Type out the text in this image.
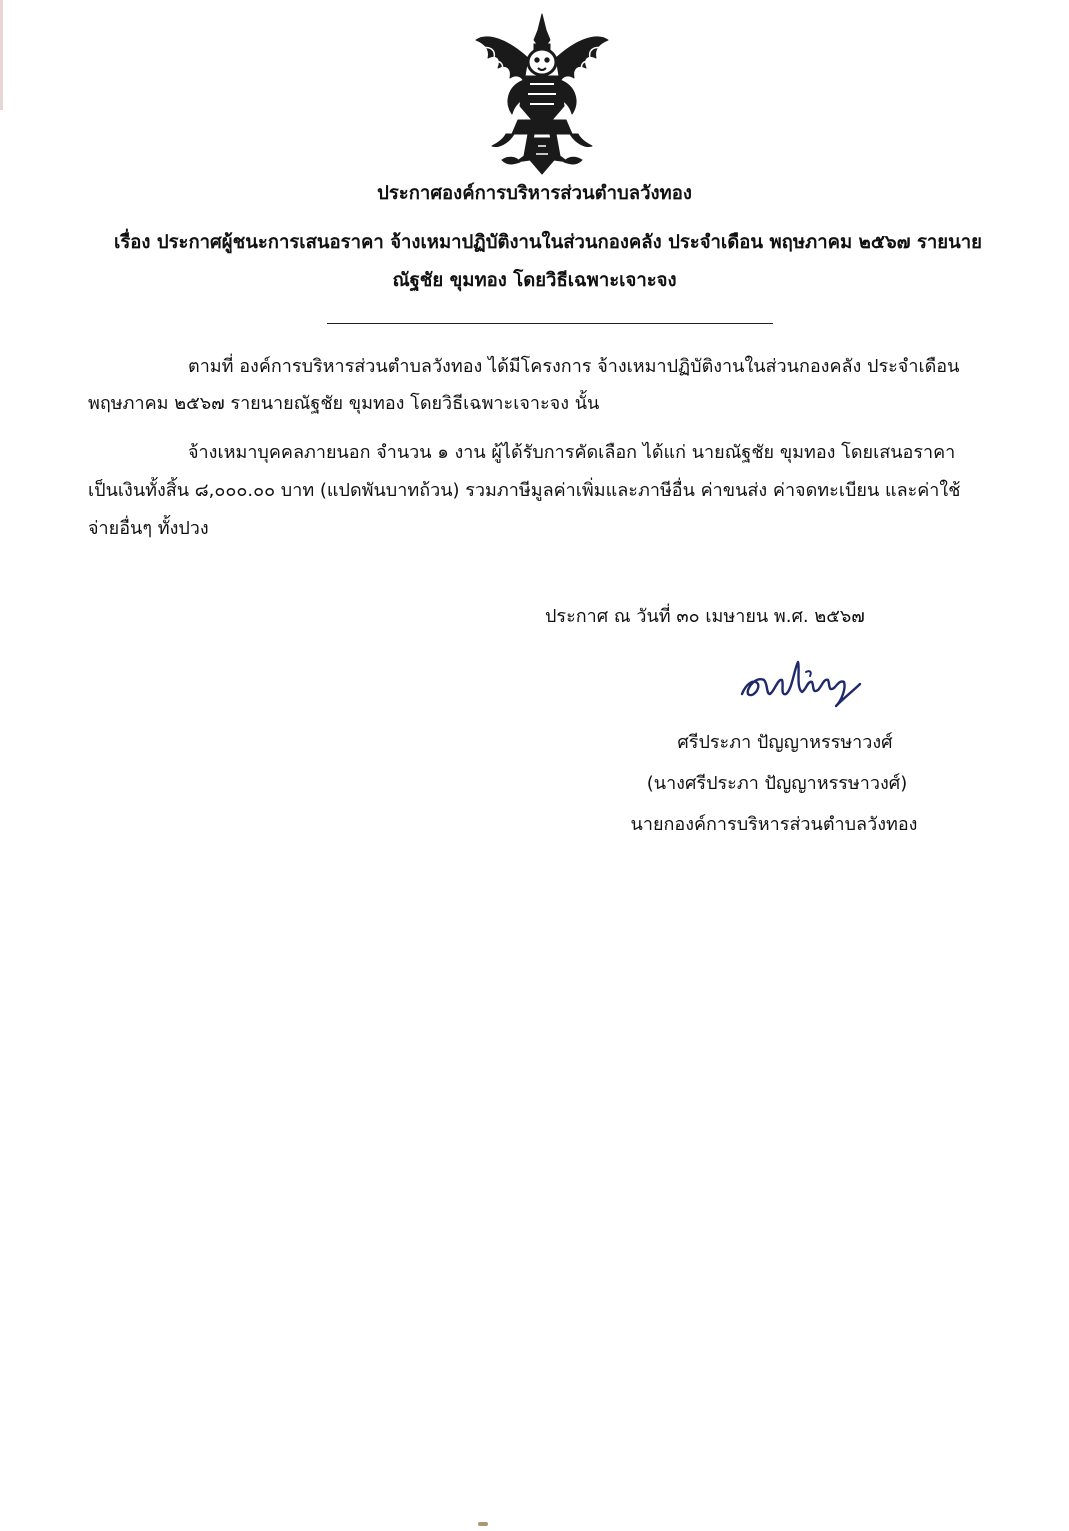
ประกาศองค์การบริหารส่วนตำบลวังทอง
เรื่อง ประกาศผู้ชนะการเสนอราคา จ้างเหมาปฏิบัติงานในส่วนกองคลัง ประจำเดือน พฤษภาคม ๒๕๖๗ รายนาย
ณัฐชัย ขุมทอง โดยวิธีเฉพาะเจาะจง
ตามที่ องค์การบริหารส่วนตำบลวังทอง ได้มีโครงการ จ้างเหมาปฏิบัติงานในส่วนกองคลัง ประจำเดือน
พฤษภาคม ๒๕๖๗ รายนายณัฐชัย ขุมทอง โดยวิธีเฉพาะเจาะจง นั้น
จ้างเหมาบุคคลภายนอก จำนวน ๑ งาน ผู้ได้รับการคัดเลือก ได้แก่ นายณัฐชัย ขุมทอง โดยเสนอราคา
เป็นเงินทั้งสิ้น ๘,๐๐๐.๐๐ บาท (แปดพันบาทถ้วน) รวมภาษีมูลค่าเพิ่มและภาษีอื่น ค่าขนส่ง ค่าจดทะเบียน และค่าใช้
จ่ายอื่นๆ ทั้งปวง
ประกาศ ณ วันที่ ๓๐ เมษายน พ.ศ. ๒๕๖๗
ศรีประภา ปัญญาหรรษาวงศ์
(นางศรีประภา ปัญญาหรรษาวงศ์)
นายกองค์การบริหารส่วนตำบลวังทอง
